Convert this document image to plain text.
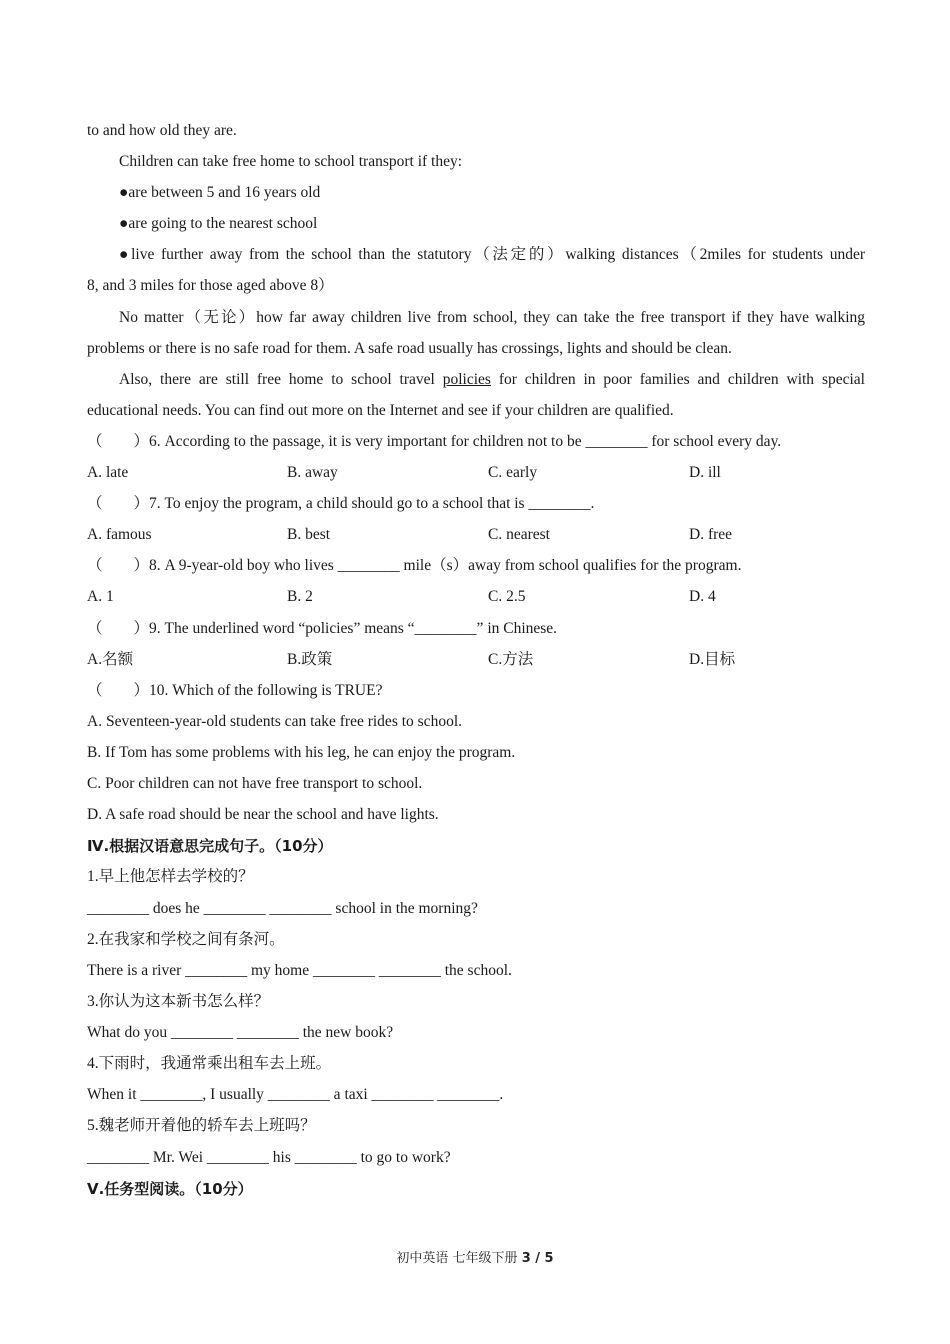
to and how old they are.
Children can take free home to school transport if they:
●are between 5 and 16 years old
●are going to the nearest school
●live further away from the school than the statutory（法定的）walking distances（2miles for students under
8, and 3 miles for those aged above 8）
No matter（无论）how far away children live from school, they can take the free transport if they have walking
problems or there is no safe road for them. A safe road usually has crossings, lights and should be clean.
Also, there are still free home to school travel policies for children in poor families and children with special
educational needs. You can find out more on the Internet and see if your children are qualified.
（　　）6. According to the passage, it is very important for children not to be ________ for school every day.
A. late	B. away	C. early	D. ill
（　　）7. To enjoy the program, a child should go to a school that is ________.
A. famous	B. best	C. nearest	D. free
（　　）8. A 9-year-old boy who lives ________ mile（s）away from school qualifies for the program.
A. 1	B. 2	C. 2.5	D. 4
（　　）9. The underlined word “policies” means “________” in Chinese.
A.名额	B.政策	C.方法	D.目标
（　　）10. Which of the following is TRUE?
A. Seventeen-year-old students can take free rides to school.
B. If Tom has some problems with his leg, he can enjoy the program.
C. Poor children can not have free transport to school.
D. A safe road should be near the school and have lights.
Ⅳ.根据汉语意思完成句子。（10分）
1.早上他怎样去学校的？
________ does he ________ ________ school in the morning?
2.在我家和学校之间有条河。
There is a river ________ my home ________ ________ the school.
3.你认为这本新书怎么样？
What do you ________ ________ the new book?
4.下雨时，我通常乘出租车去上班。
When it ________, I usually ________ a taxi ________ ________.
5.魏老师开着他的轿车去上班吗？
________ Mr. Wei ________ his ________ to go to work?
Ⅴ.任务型阅读。（10分）
初中英语 七年级下册 3 / 5
